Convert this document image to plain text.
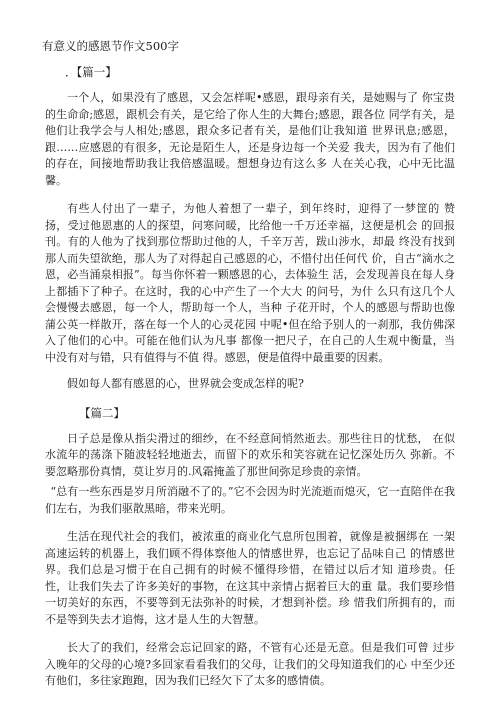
有意义的感恩节作文500字
．【篇一】

一个人，如果没有了感恩，又会怎样呢•感恩，跟母亲有关，是她赐与了 你宝贵的生命命;感恩，跟机会有关，是它给了你人生的大舞台;感恩，跟各位 同学有关，是他们让我学会与人相处;感恩，跟众多记者有关，是他们让我知道 世界讯息;感恩，跟……应感恩的有很多，无论是陌生人，还是身边每一个关爱 我夫，因为有了他们的存在，间接地帮助我让我倍感温暖。想想身边有这么多 人在关心我，心中无比温馨。

有些人付出了一辈子，为他人着想了一辈子，到年终时，迎得了一梦筐的 赞扬，受过他恩惠的人的探望，问寒问暖，比给他一千万还幸福，这便是机会 的回报刊。有的人他为了找到那位帮助过他的人，千辛万苦，跋山涉水，却最 终没有找到那人而失望欲绝，那人为了对得起自己感恩的心，不惜付出任何代 价，自古“滴水之恩，必当涌泉相报”。每当你怀着一颗感恩的心，去体验生 活，会发现善良在每人身上都插下了种子。在这时，我的心中产生了一个大大 的问号，为什 么只有这几个人会慢慢去感恩，每一个人，帮助每一个人，当种 子花开时，个人的感恩与帮助也像蒲公英一样散开，落在每一个人的心灵花园 中呢•但在给予别人的一刹那，我仿佛深入了他们的心中。可能在他们认为凡事 都像一把尺子，在自己的人生观中衡量，当中没有对与错，只有值得与不值 得。感恩，便是值得中最重要的因素。

假如每人都有感恩的心，世界就会变成怎样的呢?

【篇二】

日子总是像从指尖滑过的细纱，在不经意间悄然逝去。那些往日的忧愁， 在似水流年的荡涤下随波轻轻地逝去，而留下的欢乐和笑容就在记忆深处历久 弥新。不要忽略那份真情，莫让岁月的.风霜掩盖了那世间弥足珍贵的亲情。

“总有一些东西是岁月所消融不了的。”它不会因为时光流逝而熄灭，它一直陪伴在我们左右，为我们驱散黑暗，带来光明。

生活在现代社会的我们，被浓重的商业化气息所包围着，就像是被捆绑在 一架高速运转的机器上，我们顾不得体察他人的情感世界，也忘记了品味自己 的情感世界。我们总是习惯于在自己拥有的时候不懂得珍惜，在错过以后才知 道珍贵。任性，让我们失去了许多美好的事物，在这其中亲情占据着巨大的重 量。我们要珍惜一切美好的东西，不要等到无法弥补的时候，才想到补偿。珍 惜我们所拥有的，而不是等到失去才追悔，这才是人生的大智慧。

长大了的我们，经常会忘记回家的路，不管有心还是无意。但是我们可曾 过步入晚年的父母的心境?多回家看看我们的父母，让我们的父母知道我们的心 中至少还有他们，多往家跑跑，因为我们已经欠下了太多的感情债。
